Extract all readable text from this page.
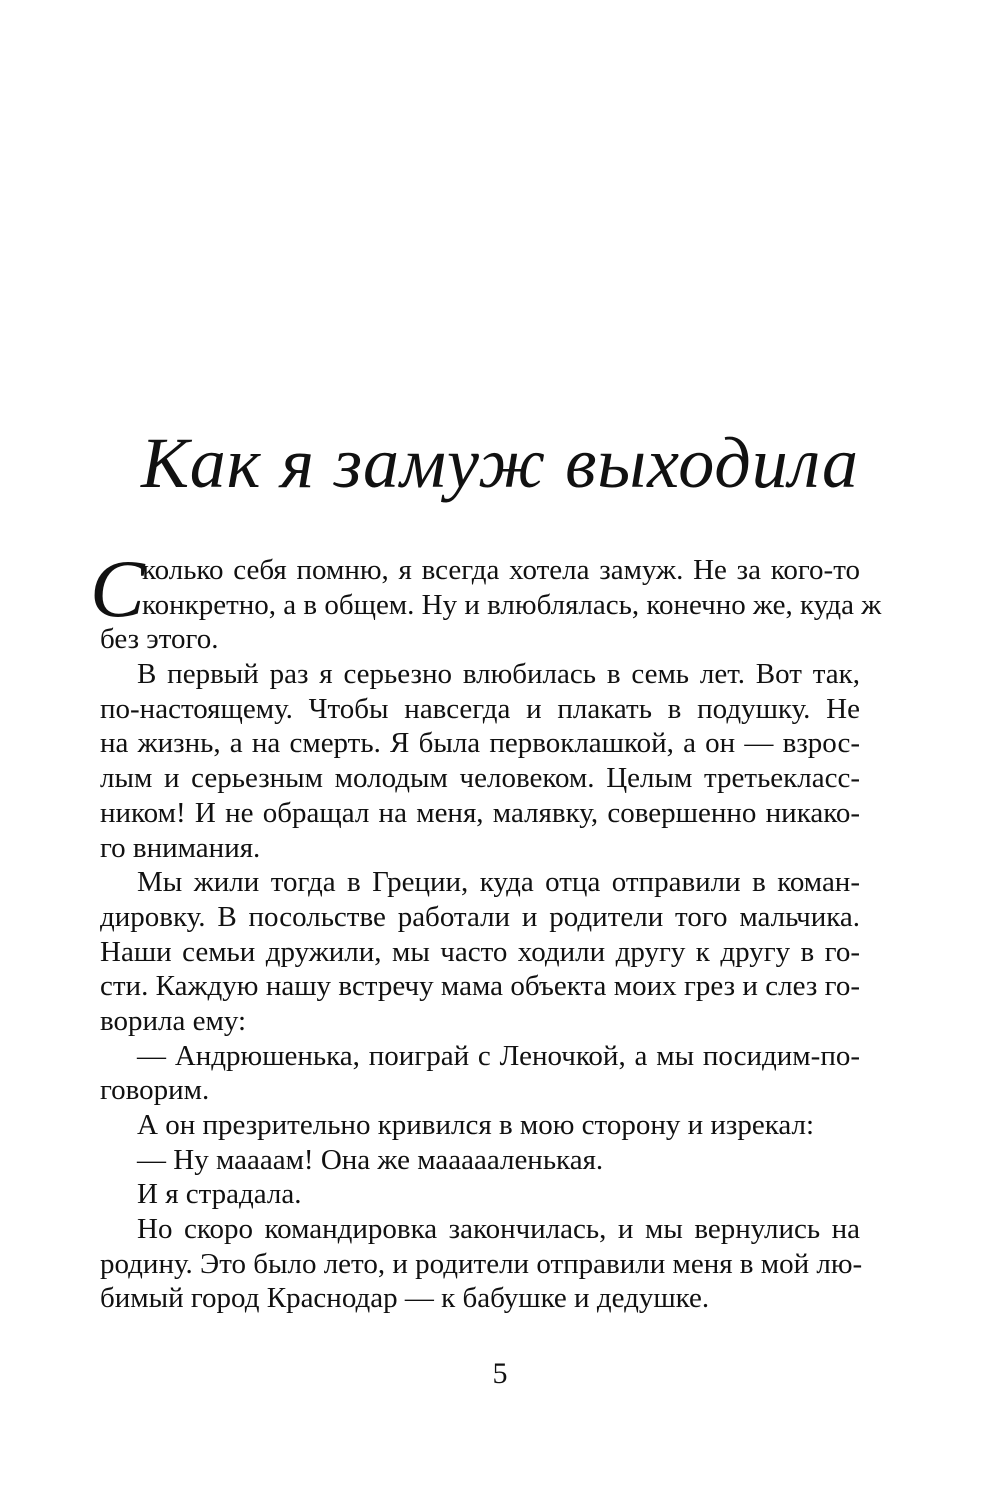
Как я замуж выходила
С
колько себя помню, я всегда хотела замуж. Не за кого-то
конкретно, а в общем. Ну и влюблялась, конечно же, куда ж
без этого.
В первый раз я серьезно влюбилась в семь лет. Вот так,
по-настоящему. Чтобы навсегда и плакать в подушку. Не
на жизнь, а на смерть. Я была первоклашкой, а он — взрос-
лым и серьезным молодым человеком. Целым третьекласс-
ником! И не обращал на меня, малявку, совершенно никако-
го внимания.
Мы жили тогда в Греции, куда отца отправили в коман-
дировку. В посольстве работали и родители того мальчика.
Наши семьи дружили, мы часто ходили другу к другу в го-
сти. Каждую нашу встречу мама объекта моих грез и слез го-
ворила ему:
— Андрюшенька, поиграй с Леночкой, а мы посидим-по-
говорим.
А он презрительно кривился в мою сторону и изрекал:
— Ну маааам! Она же маааааленькая.
И я страдала.
Но скоро командировка закончилась, и мы вернулись на
родину. Это было лето, и родители отправили меня в мой лю-
бимый город Краснодар — к бабушке и дедушке.
5
